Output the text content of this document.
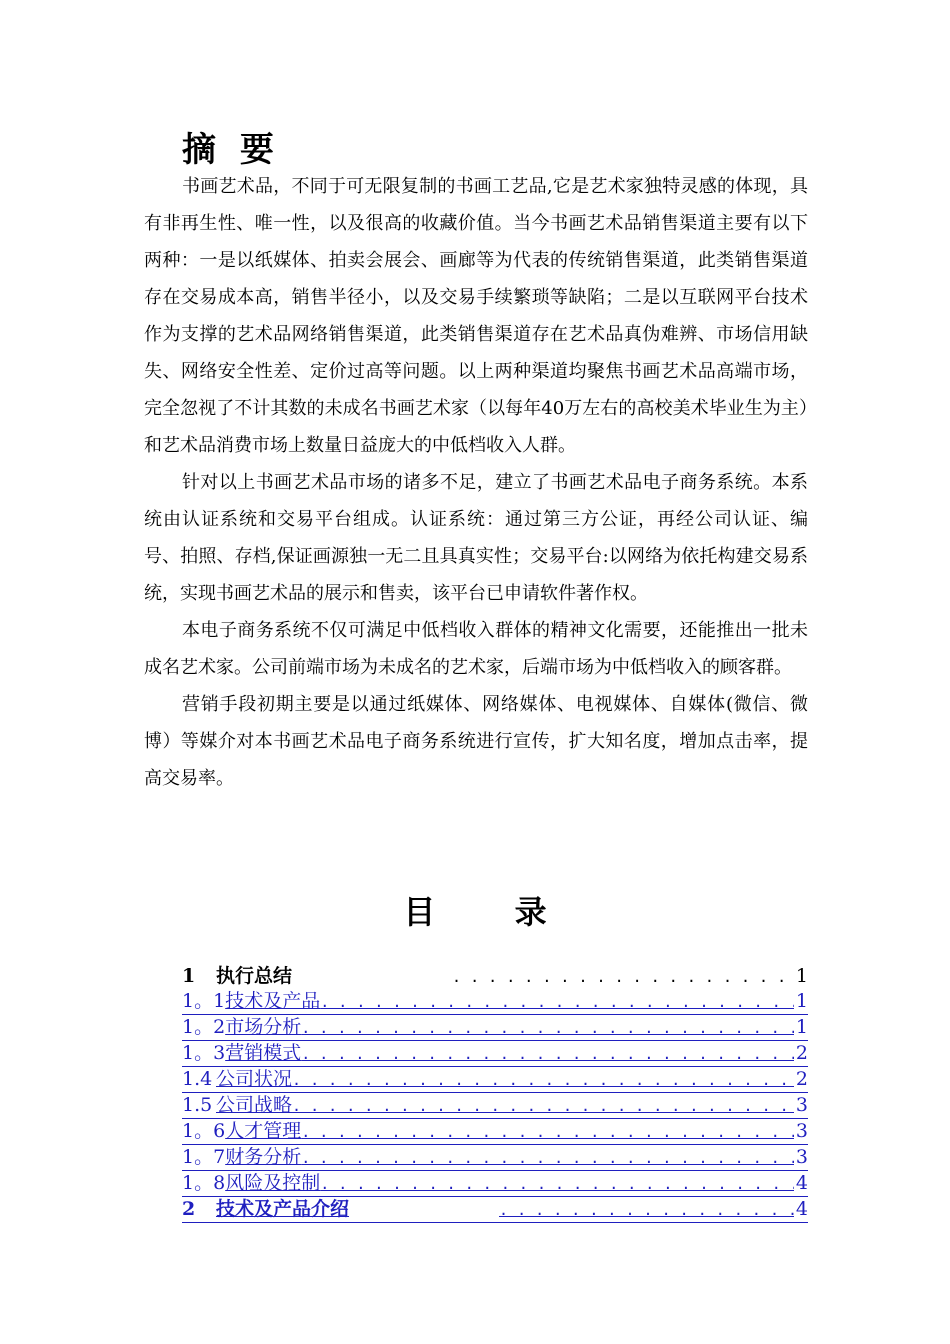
摘 要

书画艺术品，不同于可无限复制的书画工艺品,它是艺术家独特灵感的体现，具有非再生性、唯一性，以及很高的收藏价值。当今书画艺术品销售渠道主要有以下两种：一是以纸媒体、拍卖会展会、画廊等为代表的传统销售渠道，此类销售渠道存在交易成本高，销售半径小，以及交易手续繁琐等缺陷；二是以互联网平台技术作为支撑的艺术品网络销售渠道，此类销售渠道存在艺术品真伪难辨、市场信用缺失、网络安全性差、定价过高等问题。以上两种渠道均聚焦书画艺术品高端市场，完全忽视了不计其数的未成名书画艺术家（以每年40万左右的高校美术毕业生为主）和艺术品消费市场上数量日益庞大的中低档收入人群。

针对以上书画艺术品市场的诸多不足，建立了书画艺术品电子商务系统。本系统由认证系统和交易平台组成。认证系统：通过第三方公证，再经公司认证、编号、拍照、存档,保证画源独一无二且具真实性；交易平台:以网络为依托构建交易系统，实现书画艺术品的展示和售卖，该平台已申请软件著作权。

本电子商务系统不仅可满足中低档收入群体的精神文化需要，还能推出一批未成名艺术家。公司前端市场为未成名的艺术家，后端市场为中低档收入的顾客群。

营销手段初期主要是以通过纸媒体、网络媒体、电视媒体、自媒体(微信、微博）等媒介对本书画艺术品电子商务系统进行宣传，扩大知名度，增加点击率，提高交易率。

目 录
1 执行总结 . . .	1
1。1技术及产品 . . .	1
1。2市场分析 . . .	1
1。3营销模式 . . .	2
1.4 公司状况 . . .	2
1.5 公司战略 . . .	3
1。6人才管理 . . .	3
1。7财务分析 . . .	3
1。8风险及控制 . . .	4
2 技术及产品介绍 . . .	4
